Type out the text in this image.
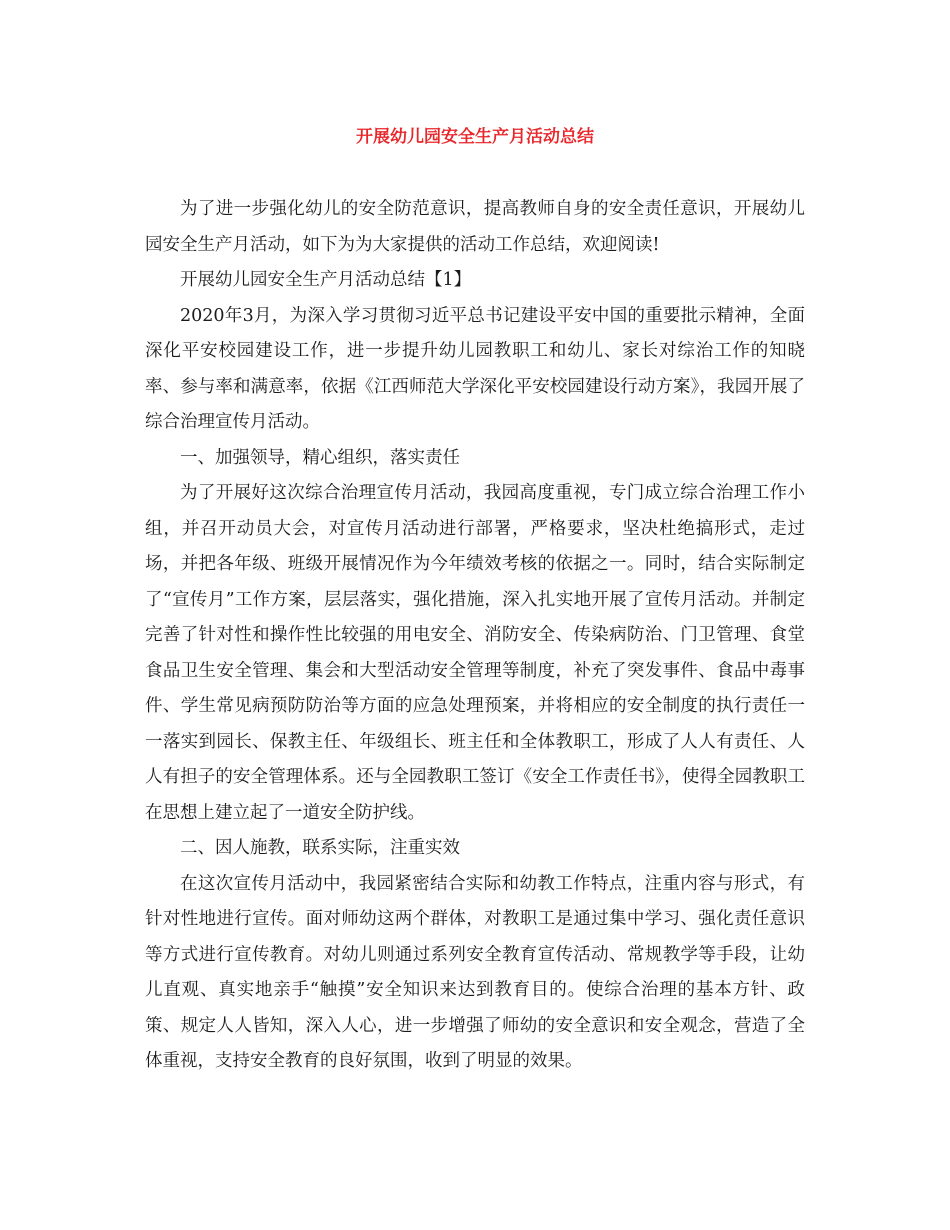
开展幼儿园安全生产月活动总结

为了进一步强化幼儿的安全防范意识，提高教师自身的安全责任意识，开展幼儿园安全生产月活动，如下为为大家提供的活动工作总结，欢迎阅读!

开展幼儿园安全生产月活动总结【1】

2020年3月，为深入学习贯彻习近平总书记建设平安中国的重要批示精神，全面深化平安校园建设工作，进一步提升幼儿园教职工和幼儿、家长对综治工作的知晓率、参与率和满意率，依据《江西师范大学深化平安校园建设行动方案》，我园开展了综合治理宣传月活动。

一、加强领导，精心组织，落实责任

为了开展好这次综合治理宣传月活动，我园高度重视，专门成立综合治理工作小组，并召开动员大会，对宣传月活动进行部署，严格要求，坚决杜绝搞形式，走过场，并把各年级、班级开展情况作为今年绩效考核的依据之一。同时，结合实际制定了“宣传月”工作方案，层层落实，强化措施，深入扎实地开展了宣传月活动。并制定完善了针对性和操作性比较强的用电安全、消防安全、传染病防治、门卫管理、食堂食品卫生安全管理、集会和大型活动安全管理等制度，补充了突发事件、食品中毒事件、学生常见病预防防治等方面的应急处理预案，并将相应的安全制度的执行责任一一落实到园长、保教主任、年级组长、班主任和全体教职工，形成了人人有责任、人人有担子的安全管理体系。还与全园教职工签订《安全工作责任书》，使得全园教职工在思想上建立起了一道安全防护线。

二、因人施教，联系实际，注重实效

在这次宣传月活动中，我园紧密结合实际和幼教工作特点，注重内容与形式，有针对性地进行宣传。面对师幼这两个群体，对教职工是通过集中学习、强化责任意识等方式进行宣传教育。对幼儿则通过系列安全教育宣传活动、常规教学等手段，让幼儿直观、真实地亲手“触摸”安全知识来达到教育目的。使综合治理的基本方针、政策、规定人人皆知，深入人心，进一步增强了师幼的安全意识和安全观念，营造了全体重视，支持安全教育的良好氛围，收到了明显的效果。
